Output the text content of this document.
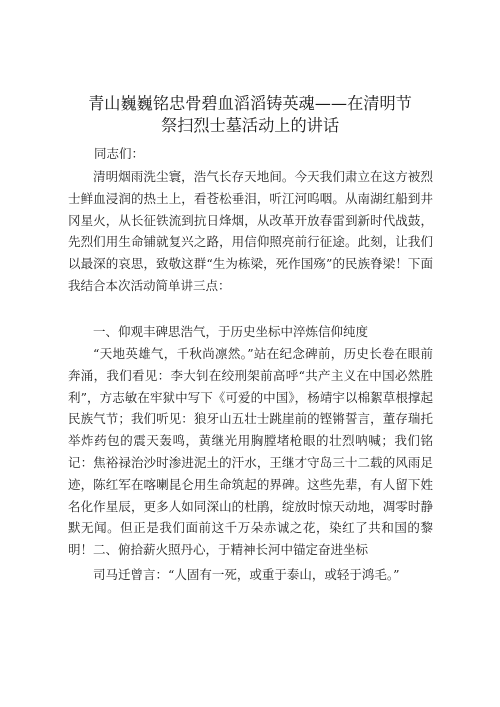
青山巍巍铭忠骨碧血滔滔铸英魂——在清明节
祭扫烈士墓活动上的讲话

同志们：

清明烟雨洗尘寰，浩气长存天地间。今天我们肃立在这方被烈士鲜血浸润的热土上，看苍松垂泪，听江河呜咽。从南湖红船到井冈星火，从长征铁流到抗日烽烟，从改革开放春雷到新时代战鼓，先烈们用生命铺就复兴之路，用信仰照亮前行征途。此刻，让我们以最深的哀思，致敬这群“生为栋梁，死作国殇”的民族脊梁！下面我结合本次活动简单讲三点：

一、仰观丰碑思浩气，于历史坐标中淬炼信仰纯度

“天地英雄气，千秋尚凛然。”站在纪念碑前，历史长卷在眼前奔涌，我们看见：李大钊在绞刑架前高呼“共产主义在中国必然胜利”，方志敏在牢狱中写下《可爱的中国》，杨靖宇以棉絮草根撑起民族气节；我们听见：狼牙山五壮士跳崖前的铿锵誓言，董存瑞托举炸药包的震天轰鸣，黄继光用胸膛堵枪眼的壮烈呐喊；我们铭记：焦裕禄治沙时渗进泥土的汗水，王继才守岛三十二载的风雨足迹，陈红军在喀喇昆仑用生命筑起的界碑。这些先辈，有人留下姓名化作星辰，更多人如同深山的杜鹃，绽放时惊天动地，凋零时静默无闻。但正是我们面前这千万朵赤诚之花，染红了共和国的黎明！二、俯拾薪火照丹心，于精神长河中锚定奋进坐标

司马迁曾言：“人固有一死，或重于泰山，或轻于鸿毛。”
